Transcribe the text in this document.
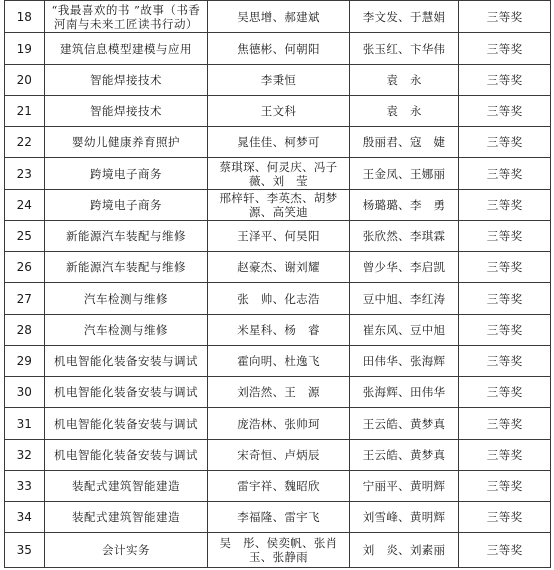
18	“我最喜欢的书 ”故事（书香河南与未来工匠读书行动）	吴思增、郝建斌	李文发、于慧娟	三等奖
19	建筑信息模型建模与应用	焦德彬、何朝阳	张玉红、卞华伟	三等奖
20	智能焊接技术	李秉恒	袁　永	三等奖
21	智能焊接技术	王文科	袁　永	三等奖
22	婴幼儿健康养育照护	晁佳佳、柯梦可	殷丽君、寇　婕	三等奖
23	跨境电子商务	蔡琪琛、何灵庆、冯子薇、刘　莹	王金凤、王娜丽	三等奖
24	跨境电子商务	邢梓轩、李英杰、胡梦源、高笑迪	杨璐璐、李　勇	三等奖
25	新能源汽车装配与维修	王泽平、何昊阳	张欣然、李琪霖	三等奖
26	新能源汽车装配与维修	赵豪杰、谢刘耀	曾少华、李启凯	三等奖
27	汽车检测与维修	张　帅、化志浩	豆中旭、李红涛	三等奖
28	汽车检测与维修	米星科、杨　睿	崔东风、豆中旭	三等奖
29	机电智能化装备安装与调试	霍向明、杜逸飞	田伟华、张海辉	三等奖
30	机电智能化装备安装与调试	刘浩然、王　源	张海辉、田伟华	三等奖
31	机电智能化装备安装与调试	庞浩林、张帅珂	王云皓、黄梦真	三等奖
32	机电智能化装备安装与调试	宋奇恒、卢炳辰	王云皓、黄梦真	三等奖
33	装配式建筑智能建造	雷宇祥、魏昭欣	宁丽平、黄明辉	三等奖
34	装配式建筑智能建造	李福隆、雷宇飞	刘雪峰、黄明辉	三等奖
35	会计实务	吴　彤、侯奕帆、张肖玉、张静雨	刘　炎、刘素丽	三等奖
